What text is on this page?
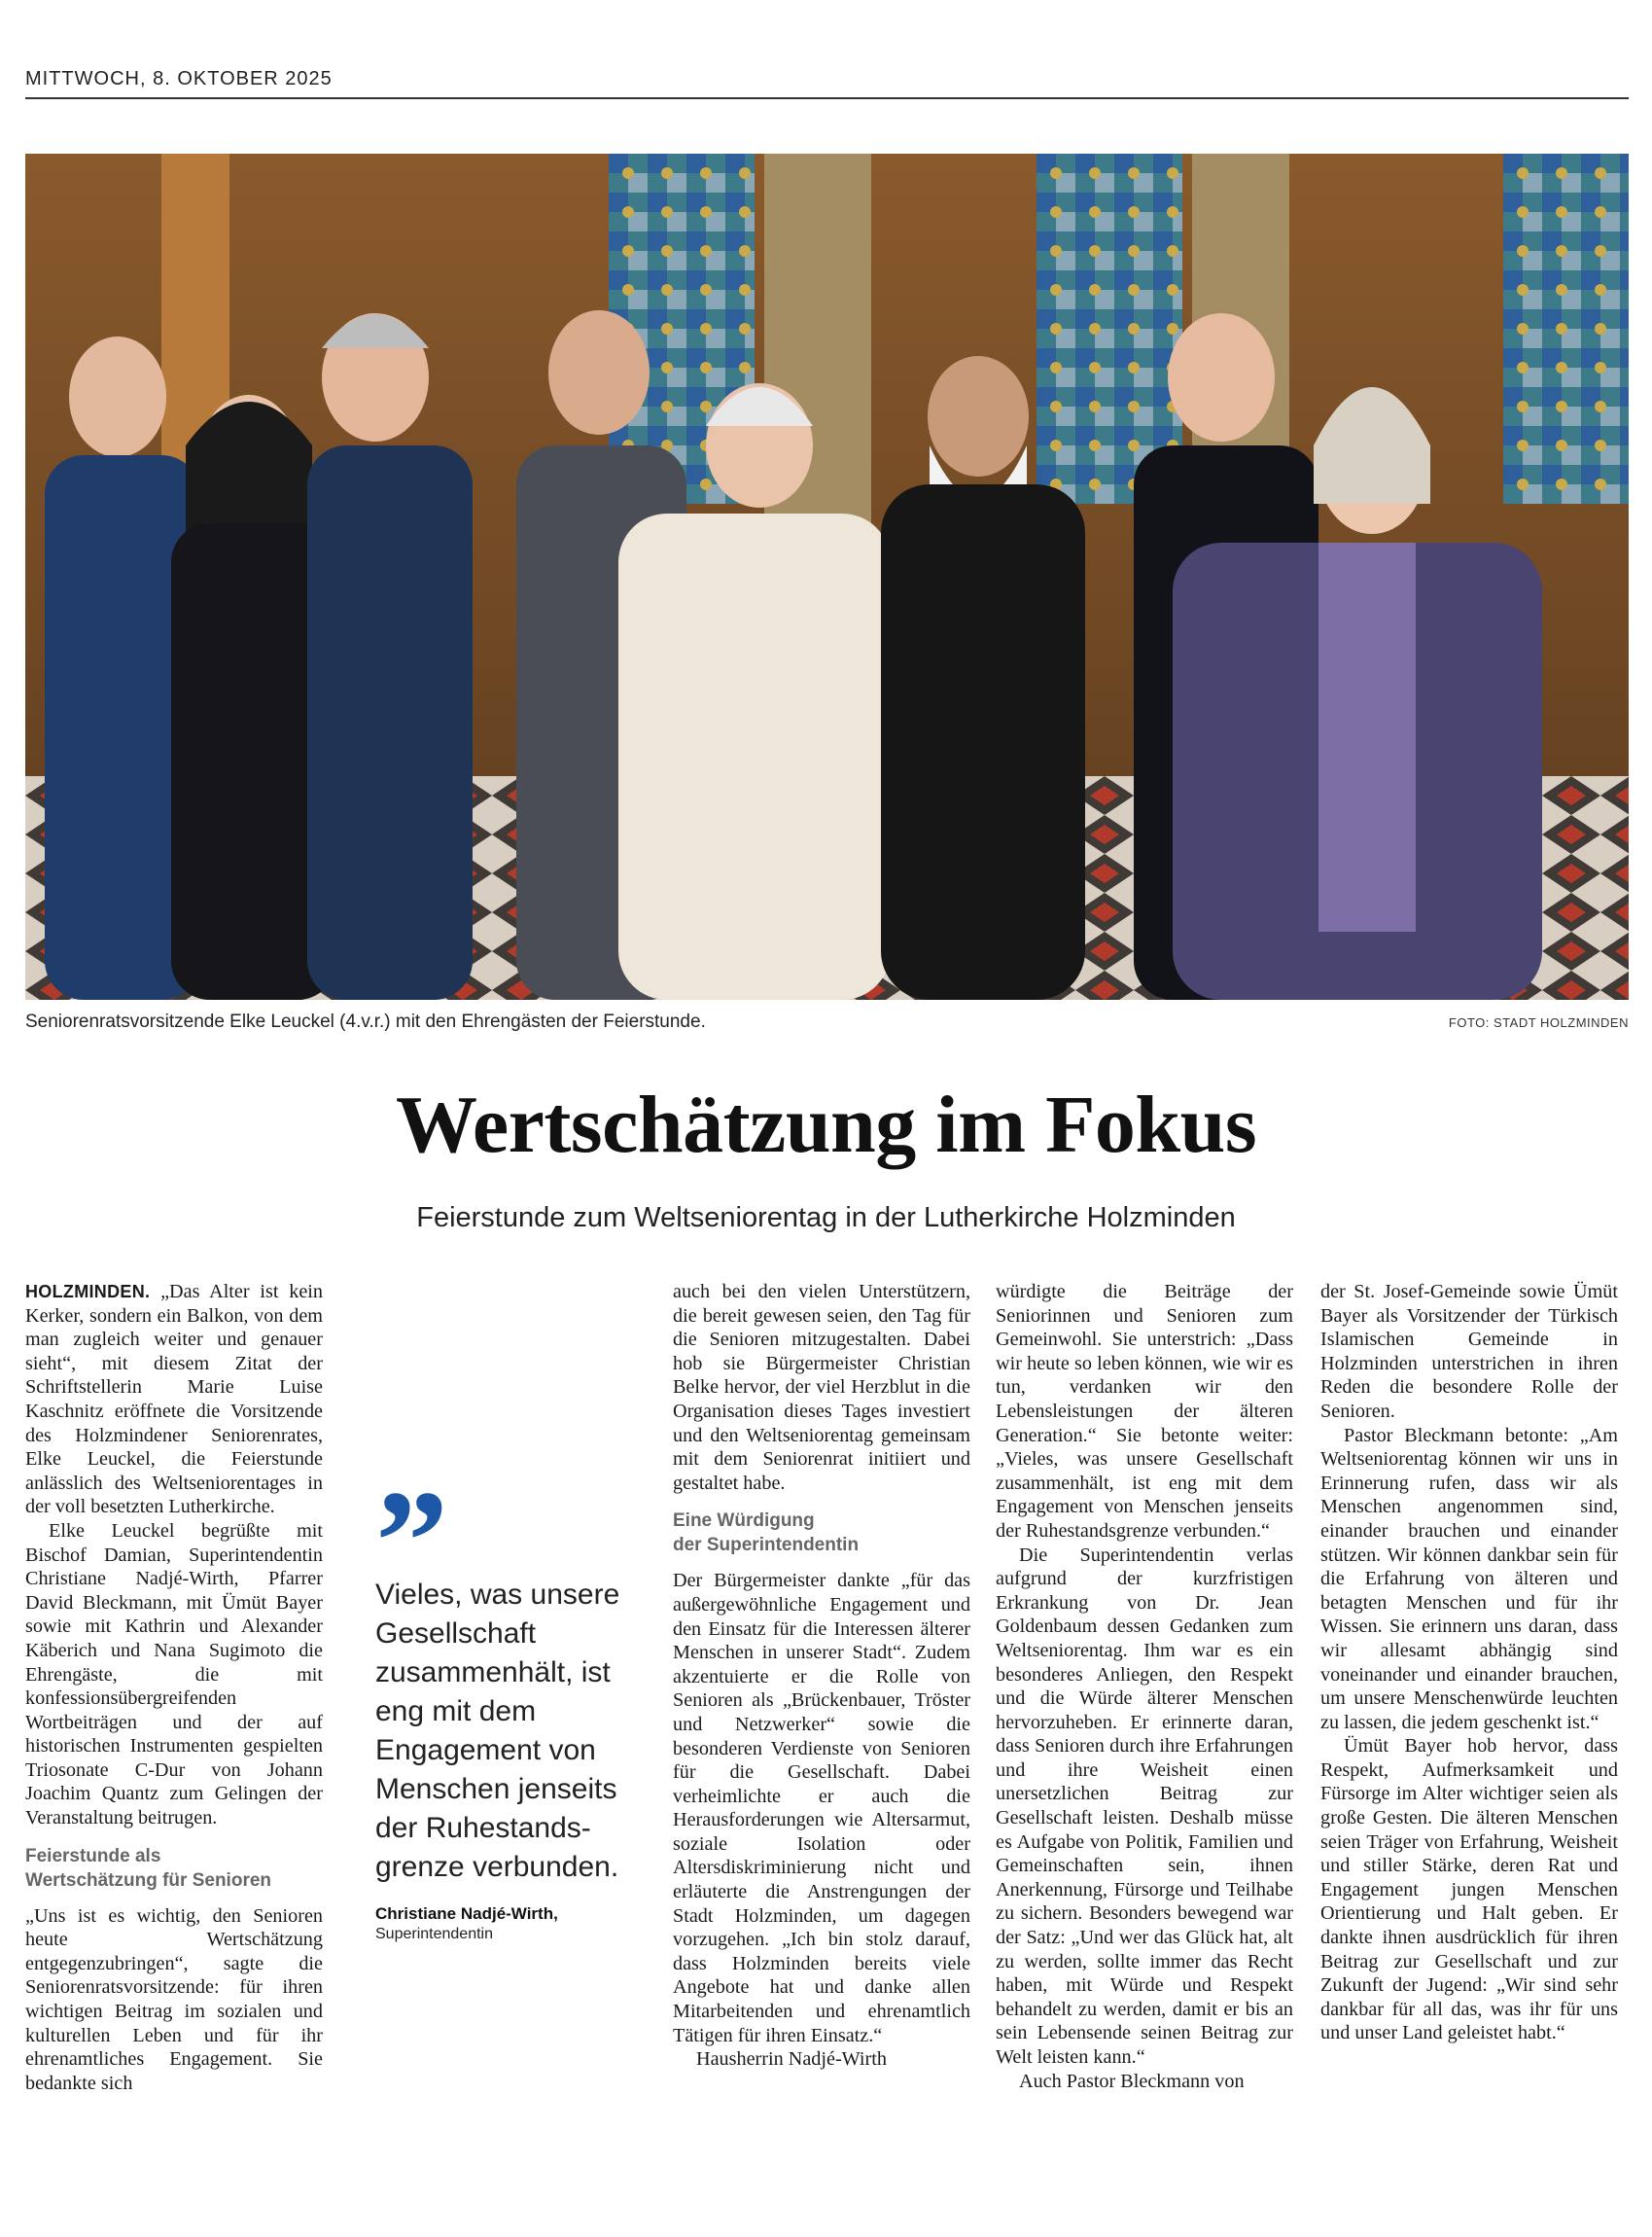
MITTWOCH, 8. OKTOBER 2025
Seniorenratsvorsitzende Elke Leuckel (4.v.r.) mit den Ehrengästen der Feierstunde.	FOTO: STADT HOLZMINDEN
Wertschätzung im Fokus
Feierstunde zum Weltseniorentag in der Lutherkirche Holzminden

HOLZMINDEN. „Das Alter ist kein Kerker, sondern ein Balkon, von dem man zugleich weiter und genauer sieht“, mit diesem Zitat der Schriftstellerin Marie Luise Kaschnitz eröffnete die Vorsitzende des Holzmindener Seniorenrates, Elke Leuckel, die Feierstunde anlässlich des Weltseniorentages in der voll besetzten Lutherkirche.

Elke Leuckel begrüßte mit Bischof Damian, Superintendentin Christiane Nadjé-Wirth, Pfarrer David Bleckmann, mit Ümüt Bayer sowie mit Kathrin und Alexander Käberich und Nana Sugimoto die Ehrengäste, die mit konfessionsübergreifenden Wortbeiträgen und der auf historischen Instrumenten gespielten Triosonate C-Dur von Johann Joachim Quantz zum Gelingen der Veranstaltung beitrugen.

Feierstunde als
Wertschätzung für Senioren

„Uns ist es wichtig, den Senioren heute Wertschätzung entgegenzubringen“, sagte die Seniorenratsvorsitzende: für ihren wichtigen Beitrag im sozialen und kulturellen Leben und für ihr ehrenamtliches Engagement. Sie bedankte sich

”
Vieles, was unsere Gesellschaft zusammenhält, ist eng mit dem Engagement von Menschen jenseits der Ruhestands-grenze verbunden.
Christiane Nadjé-Wirth,
Superintendentin

auch bei den vielen Unterstützern, die bereit gewesen seien, den Tag für die Senioren mitzugestalten. Dabei hob sie Bürgermeister Christian Belke hervor, der viel Herzblut in die Organisation dieses Tages investiert und den Weltseniorentag gemeinsam mit dem Seniorenrat initiiert und gestaltet habe.

Eine Würdigung
der Superintendentin

Der Bürgermeister dankte „für das außergewöhnliche Engagement und den Einsatz für die Interessen älterer Menschen in unserer Stadt“. Zudem akzentuierte er die Rolle von Senioren als „Brückenbauer, Tröster und Netzwerker“ sowie die besonderen Verdienste von Senioren für die Gesellschaft. Dabei verheimlichte er auch die Herausforderungen wie Altersarmut, soziale Isolation oder Altersdiskriminierung nicht und erläuterte die Anstrengungen der Stadt Holzminden, um dagegen vorzugehen. „Ich bin stolz darauf, dass Holzminden bereits viele Angebote hat und danke allen Mitarbeitenden und ehrenamtlich Tätigen für ihren Einsatz.“

Hausherrin Nadjé-Wirth

würdigte die Beiträge der Seniorinnen und Senioren zum Gemeinwohl. Sie unterstrich: „Dass wir heute so leben können, wie wir es tun, verdanken wir den Lebensleistungen der älteren Generation.“ Sie betonte weiter: „Vieles, was unsere Gesellschaft zusammenhält, ist eng mit dem Engagement von Menschen jenseits der Ruhestandsgrenze verbunden.“

Die Superintendentin verlas aufgrund der kurzfristigen Erkrankung von Dr. Jean Goldenbaum dessen Gedanken zum Weltseniorentag. Ihm war es ein besonderes Anliegen, den Respekt und die Würde älterer Menschen hervorzuheben. Er erinnerte daran, dass Senioren durch ihre Erfahrungen und ihre Weisheit einen unersetzlichen Beitrag zur Gesellschaft leisten. Deshalb müsse es Aufgabe von Politik, Familien und Gemeinschaften sein, ihnen Anerkennung, Fürsorge und Teilhabe zu sichern. Besonders bewegend war der Satz: „Und wer das Glück hat, alt zu werden, sollte immer das Recht haben, mit Würde und Respekt behandelt zu werden, damit er bis an sein Lebensende seinen Beitrag zur Welt leisten kann.“

Auch Pastor Bleckmann von

der St. Josef-Gemeinde sowie Ümüt Bayer als Vorsitzender der Türkisch Islamischen Gemeinde in Holzminden unterstrichen in ihren Reden die besondere Rolle der Senioren.

Pastor Bleckmann betonte: „Am Weltseniorentag können wir uns in Erinnerung rufen, dass wir als Menschen angenommen sind, einander brauchen und einander stützen. Wir können dankbar sein für die Erfahrung von älteren und betagten Menschen und für ihr Wissen. Sie erinnern uns daran, dass wir allesamt abhängig sind voneinander und einander brauchen, um unsere Menschenwürde leuchten zu lassen, die jedem geschenkt ist.“

Ümüt Bayer hob hervor, dass Respekt, Aufmerksamkeit und Fürsorge im Alter wichtiger seien als große Gesten. Die älteren Menschen seien Träger von Erfahrung, Weisheit und stiller Stärke, deren Rat und Engagement jungen Menschen Orientierung und Halt geben. Er dankte ihnen ausdrücklich für ihren Beitrag zur Gesellschaft und zur Zukunft der Jugend: „Wir sind sehr dankbar für all das, was ihr für uns und unser Land geleistet habt.“
